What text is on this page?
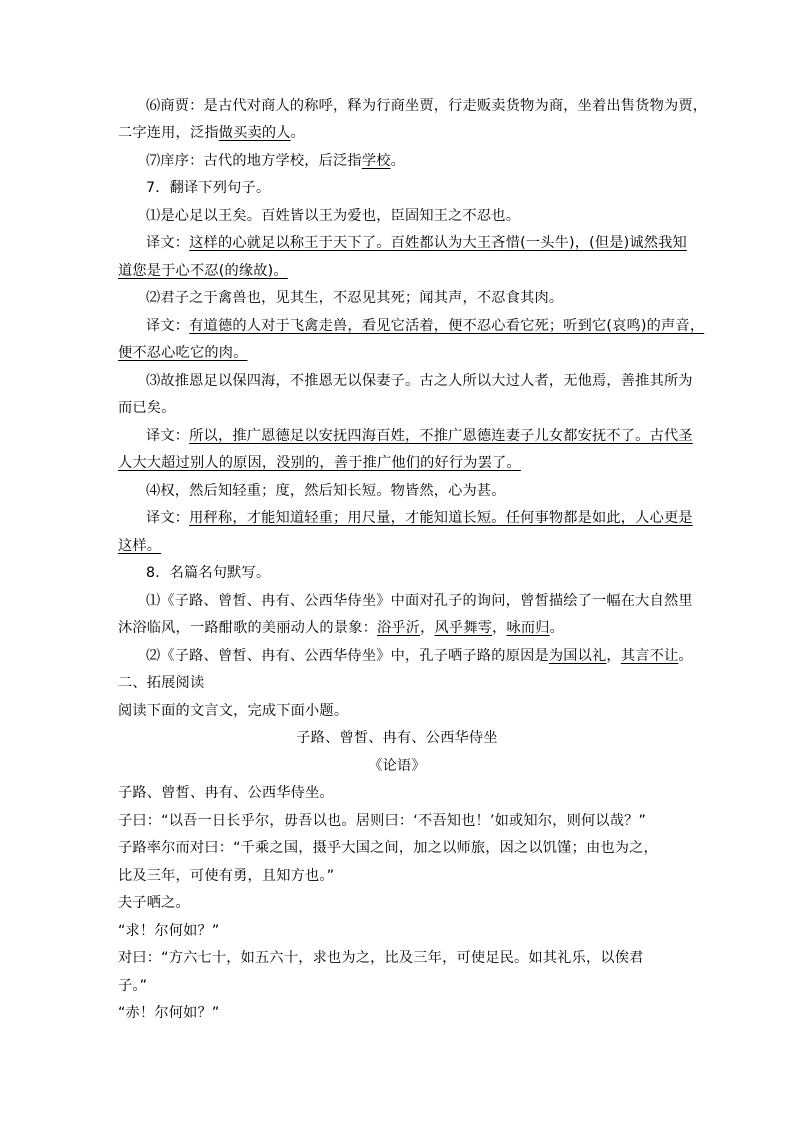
⑹商贾：是古代对商人的称呼，释为行商坐贾，行走贩卖货物为商，坐着出售货物为贾，
二字连用，泛指做买卖的人。
⑺庠序：古代的地方学校，后泛指学校。
7．翻译下列句子。
⑴是心足以王矣。百姓皆以王为爱也，臣固知王之不忍也。
译文：这样的心就足以称王于天下了。百姓都认为大王吝惜(一头牛)，(但是)诚然我知
道您是于心不忍(的缘故)。
⑵君子之于禽兽也，见其生，不忍见其死；闻其声，不忍食其肉。
译文：有道德的人对于飞禽走兽，看见它活着，便不忍心看它死；听到它(哀鸣)的声音，
便不忍心吃它的肉。
⑶故推恩足以保四海，不推恩无以保妻子。古之人所以大过人者，无他焉，善推其所为
而已矣。
译文：所以，推广恩德足以安抚四海百姓，不推广恩德连妻子儿女都安抚不了。古代圣
人大大超过别人的原因，没别的，善于推广他们的好行为罢了。
⑷权，然后知轻重；度，然后知长短。物皆然，心为甚。
译文：用秤称，才能知道轻重；用尺量，才能知道长短。任何事物都是如此，人心更是
这样。
8．名篇名句默写。
⑴《子路、曾皙、冉有、公西华侍坐》中面对孔子的询问，曾皙描绘了一幅在大自然里
沐浴临风，一路酣歌的美丽动人的景象：浴乎沂，风乎舞雩，咏而归。
⑵《子路、曾皙、冉有、公西华侍坐》中，孔子哂子路的原因是为国以礼，其言不让。
二、拓展阅读
阅读下面的文言文，完成下面小题。
子路、曾皙、冉有、公西华侍坐
《论语》
子路、曾皙、冉有、公西华侍坐。
子曰：“以吾一日长乎尔，毋吾以也。居则曰：‘不吾知也！’如或知尔，则何以哉？”
子路率尔而对曰：“千乘之国，摄乎大国之间，加之以师旅，因之以饥馑；由也为之，
比及三年，可使有勇，且知方也。”
夫子哂之。
“求！尔何如？”
对曰：“方六七十，如五六十，求也为之，比及三年，可使足民。如其礼乐，以俟君
子。”
“赤！尔何如？”
